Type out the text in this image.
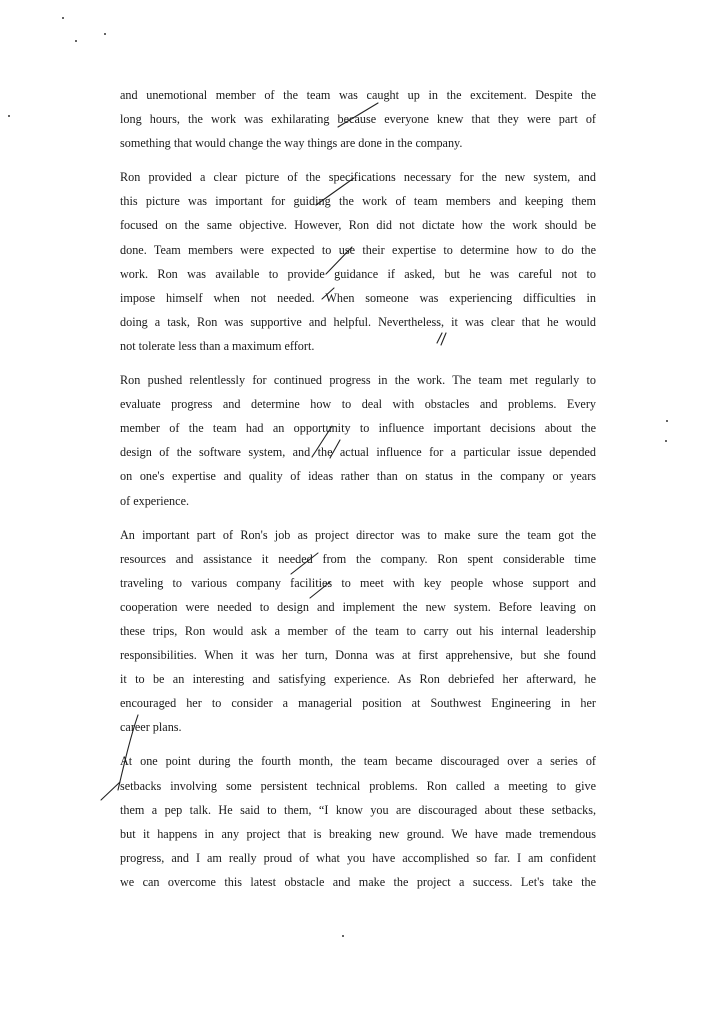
and unemotional member of the team was caught up in the excitement. Despite the
long hours, the work was exhilarating because everyone knew that they were part of
something that would change the way things are done in the company.
Ron provided a clear picture of the specifications necessary for the new system, and
this picture was important for guiding the work of team members and keeping them
focused on the same objective. However, Ron did not dictate how the work should be
done. Team members were expected to use their expertise to determine how to do the
work. Ron was available to provide guidance if asked, but he was careful not to
impose himself when not needed. When someone was experiencing difficulties in
doing a task, Ron was supportive and helpful. Nevertheless, it was clear that he would
not tolerate less than a maximum effort.
Ron pushed relentlessly for continued progress in the work. The team met regularly to
evaluate progress and determine how to deal with obstacles and problems. Every
member of the team had an opportunity to influence important decisions about the
design of the software system, and the actual influence for a particular issue depended
on one's expertise and quality of ideas rather than on status in the company or years
of experience.
An important part of Ron's job as project director was to make sure the team got the
resources and assistance it needed from the company. Ron spent considerable time
traveling to various company facilities to meet with key people whose support and
cooperation were needed to design and implement the new system. Before leaving on
these trips, Ron would ask a member of the team to carry out his internal leadership
responsibilities. When it was her turn, Donna was at first apprehensive, but she found
it to be an interesting and satisfying experience. As Ron debriefed her afterward, he
encouraged her to consider a managerial position at Southwest Engineering in her
career plans.
At one point during the fourth month, the team became discouraged over a series of
setbacks involving some persistent technical problems. Ron called a meeting to give
them a pep talk. He said to them, “I know you are discouraged about these setbacks,
but it happens in any project that is breaking new ground. We have made tremendous
progress, and I am really proud of what you have accomplished so far. I am confident
we can overcome this latest obstacle and make the project a success. Let's take the
